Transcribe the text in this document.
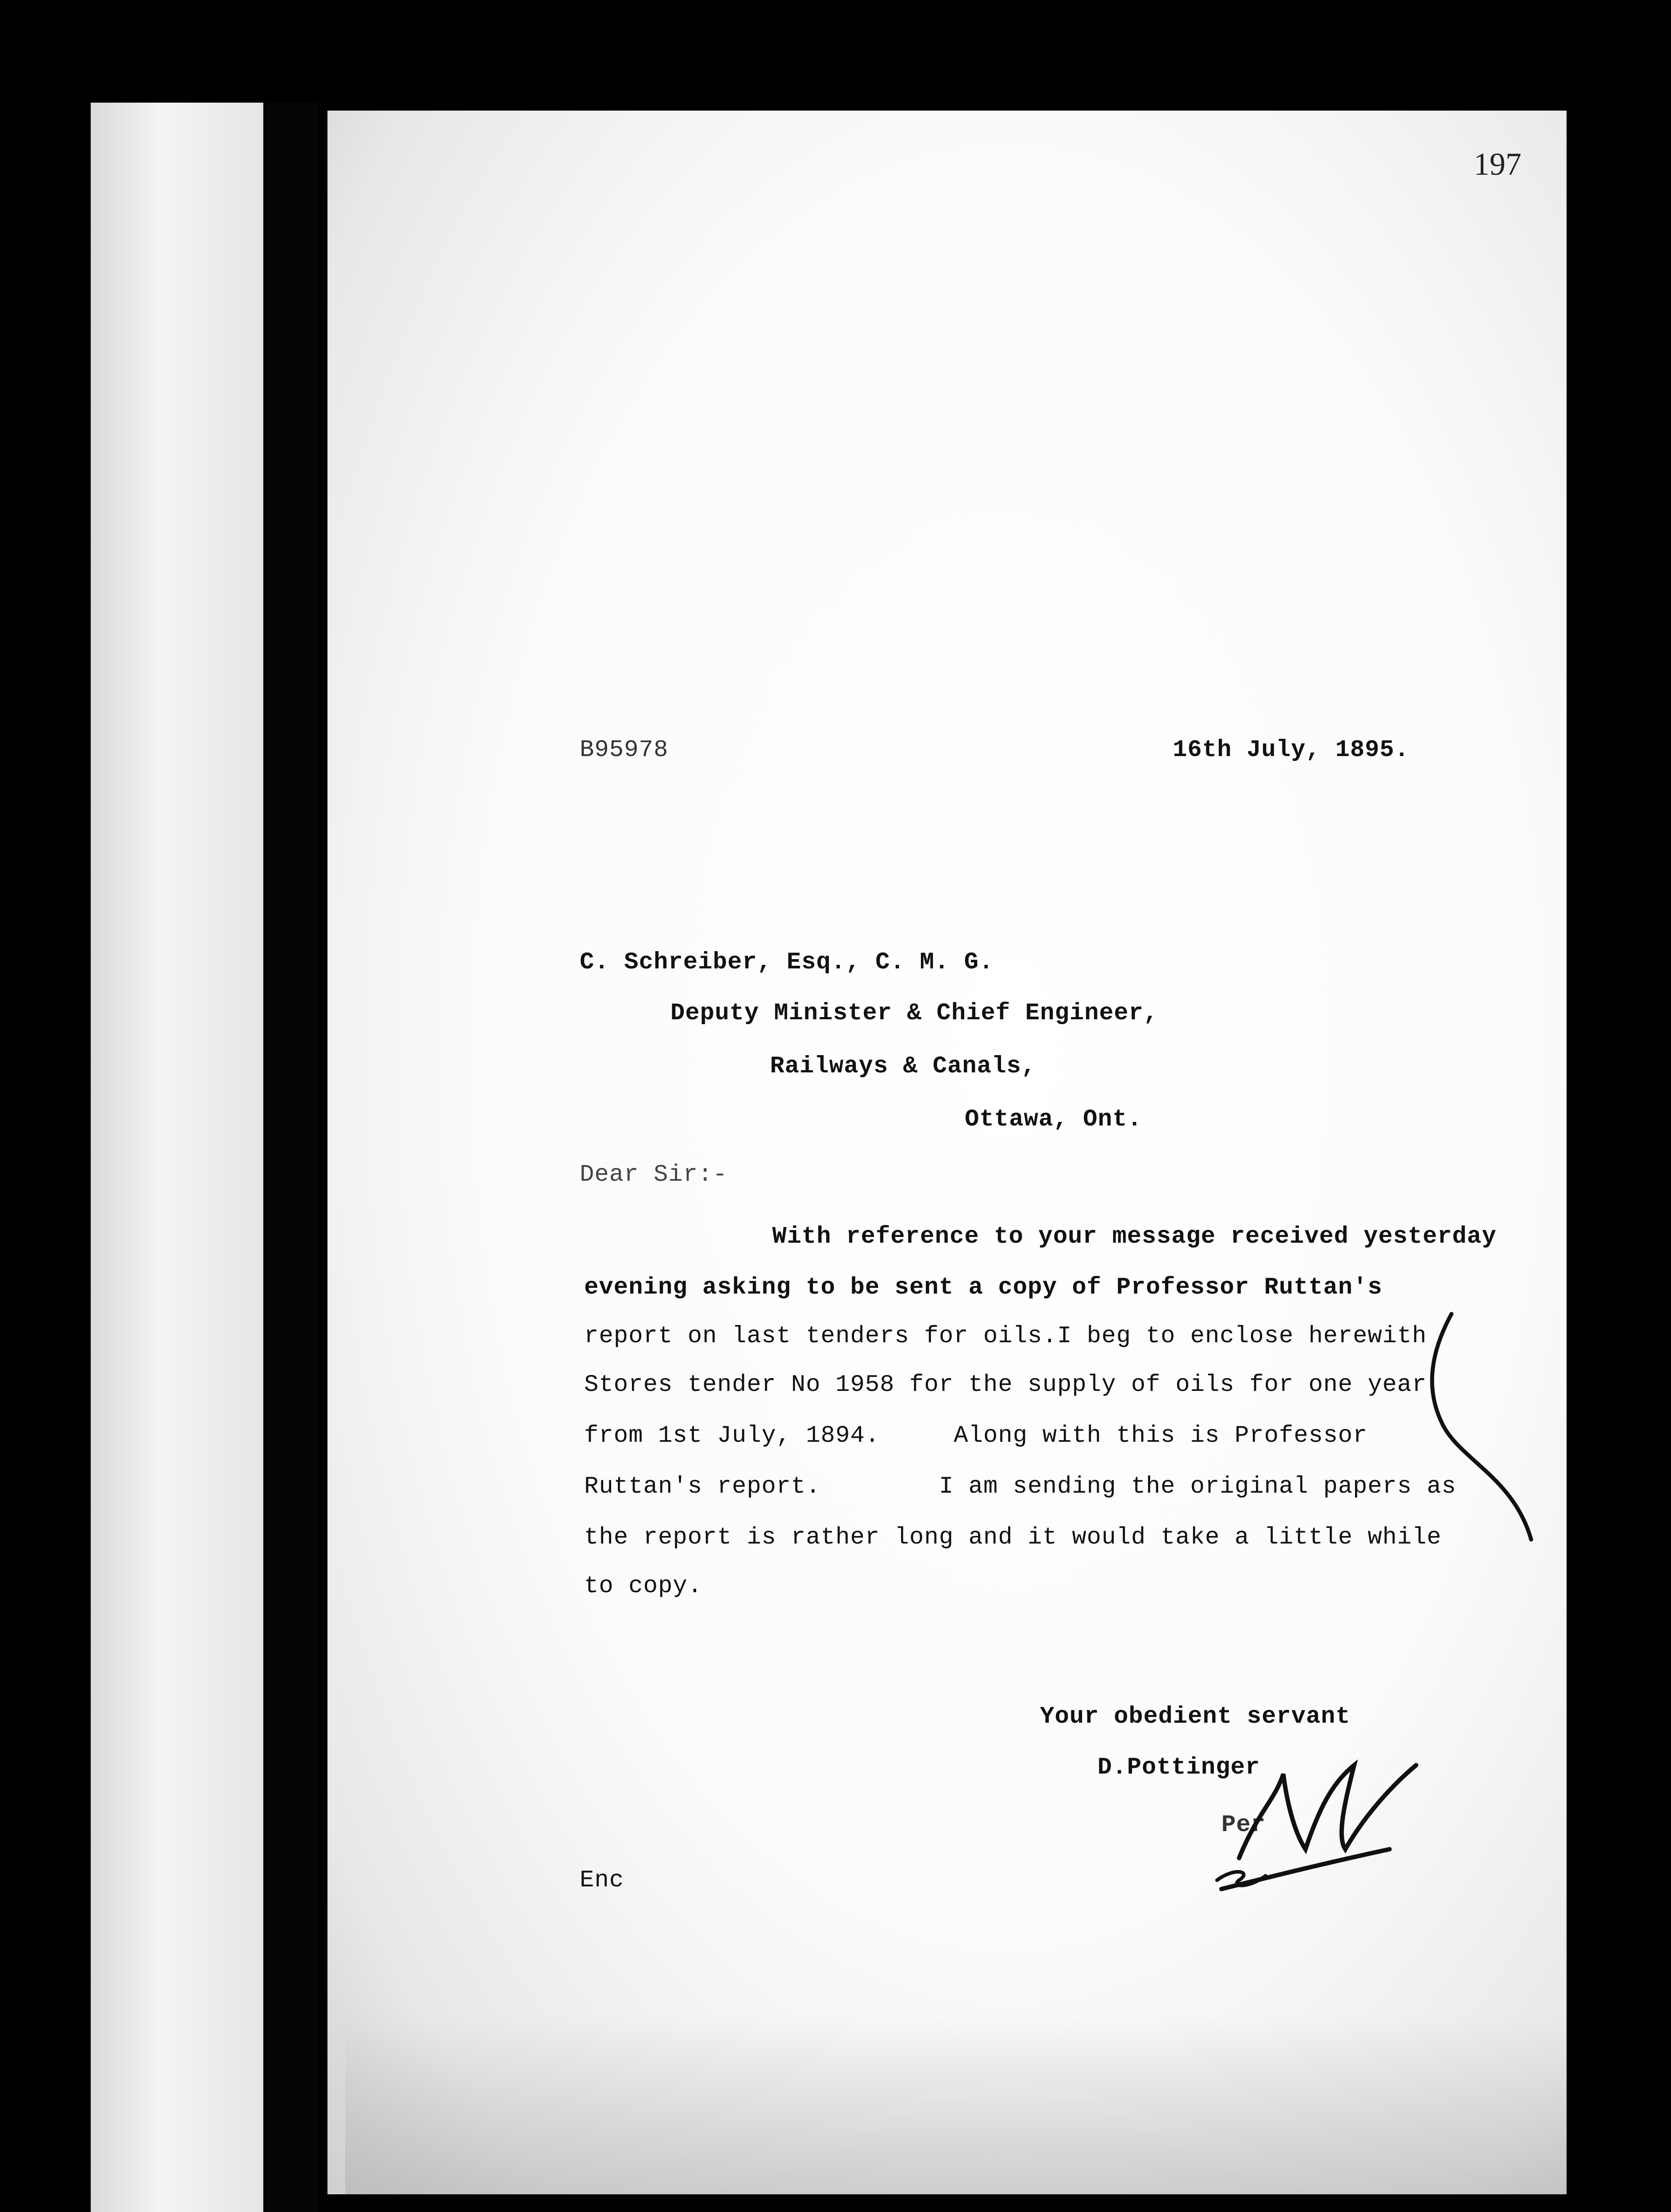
197
B95978	16th July, 1895.
C. Schreiber, Esq., C. M. G.
Deputy Minister & Chief Engineer,
Railways & Canals,
Ottawa, Ont.
Dear Sir:-
With reference to your message received yesterday
evening asking to be sent a copy of Professor Ruttan's
report on last tenders for oils.I beg to enclose herewith
Stores tender No 1958 for the supply of oils for one year
from 1st July, 1894.     Along with this is Professor
Ruttan's report.        I am sending the original papers as
the report is rather long and it would take a little while
to copy.
Your obedient servant
D.Pottinger
Per
Enc
